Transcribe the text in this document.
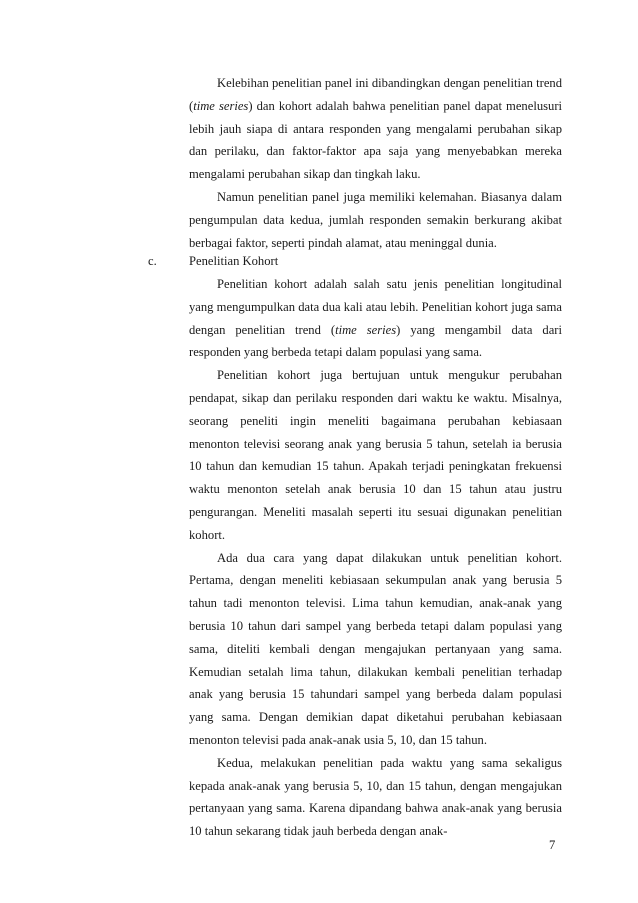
Kelebihan penelitian panel ini dibandingkan dengan penelitian trend (time series) dan kohort adalah bahwa penelitian panel dapat menelusuri lebih jauh siapa di antara responden yang mengalami perubahan sikap dan perilaku, dan faktor-faktor apa saja yang menyebabkan mereka mengalami perubahan sikap dan tingkah laku.

Namun penelitian panel juga memiliki kelemahan. Biasanya dalam pengumpulan data kedua, jumlah responden semakin berkurang akibat berbagai faktor, seperti pindah alamat, atau meninggal dunia.

c.	Penelitian Kohort

Penelitian kohort adalah salah satu jenis penelitian longitudinal yang mengumpulkan data dua kali atau lebih. Penelitian kohort juga sama dengan penelitian trend (time series) yang mengambil data dari responden yang berbeda tetapi dalam populasi yang sama.

Penelitian kohort juga bertujuan untuk mengukur perubahan pendapat, sikap dan perilaku responden dari waktu ke waktu. Misalnya, seorang peneliti ingin meneliti bagaimana perubahan kebiasaan menonton televisi seorang anak yang berusia 5 tahun, setelah ia berusia 10 tahun dan kemudian 15 tahun. Apakah terjadi peningkatan frekuensi waktu menonton setelah anak berusia 10 dan 15 tahun atau justru pengurangan. Meneliti masalah seperti itu sesuai digunakan penelitian kohort.

Ada dua cara yang dapat dilakukan untuk penelitian kohort. Pertama, dengan meneliti kebiasaan sekumpulan anak yang berusia 5 tahun tadi menonton televisi. Lima tahun kemudian, anak-anak yang berusia 10 tahun dari sampel yang berbeda tetapi dalam populasi yang sama, diteliti kembali dengan mengajukan pertanyaan yang sama. Kemudian setalah lima tahun, dilakukan kembali penelitian terhadap anak yang berusia 15 tahundari sampel yang berbeda dalam populasi yang sama. Dengan demikian dapat diketahui perubahan kebiasaan menonton televisi pada anak-anak usia 5, 10, dan 15 tahun.

Kedua, melakukan penelitian pada waktu yang sama sekaligus kepada anak-anak yang berusia 5, 10, dan 15 tahun, dengan mengajukan pertanyaan yang sama. Karena dipandang bahwa anak-anak yang berusia 10 tahun sekarang tidak jauh berbeda dengan anak-

7
